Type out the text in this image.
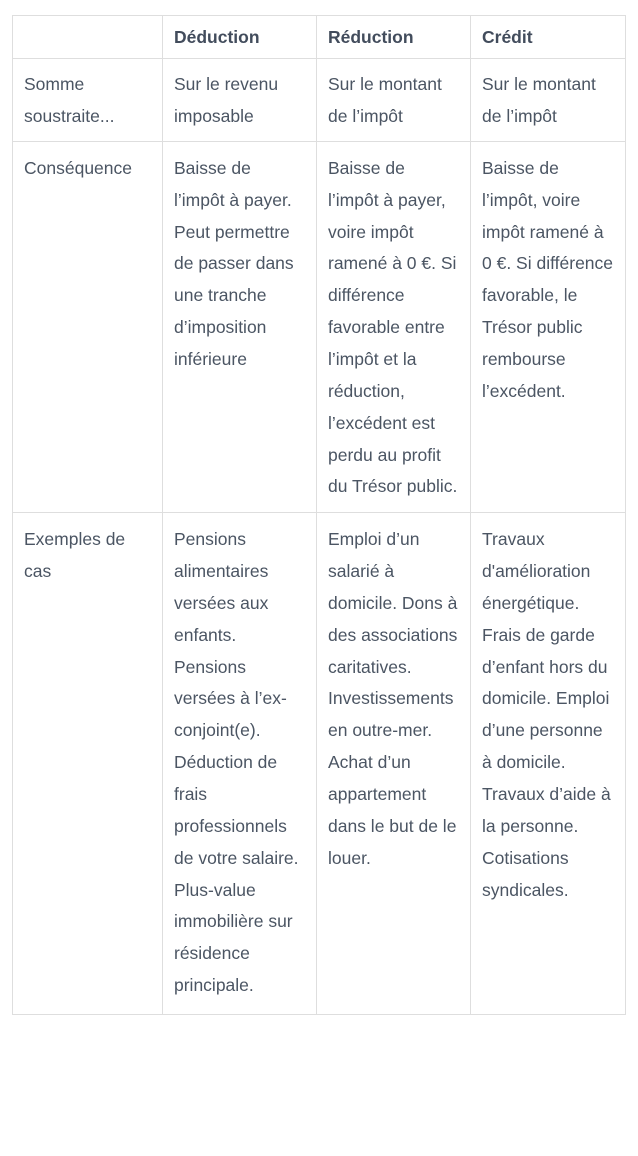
	Déduction	Réduction	Crédit
Somme soustraite...	Sur le revenu imposable	Sur le montant de l’impôt	Sur le montant de l’impôt
Conséquence	Baisse de l’impôt à payer. Peut permettre de passer dans une tranche d’imposition inférieure	Baisse de l’impôt à payer, voire impôt ramené à 0 €. Si différence favorable entre l’impôt et la réduction, l’excédent est perdu au profit du Trésor public.	Baisse de l’impôt, voire impôt ramené à 0 €. Si différence favorable, le Trésor public rembourse l’excédent.
Exemples de cas	Pensions alimentaires versées aux enfants. Pensions versées à l’ex-conjoint(e). Déduction de frais professionnels de votre salaire. Plus-value immobilière sur résidence principale.	Emploi d’un salarié à domicile. Dons à des associations caritatives. Investissements en outre-mer. Achat d’un appartement dans le but de le louer.	Travaux d'amélioration énergétique. Frais de garde d’enfant hors du domicile. Emploi d’une personne à domicile. Travaux d’aide à la personne. Cotisations syndicales.
